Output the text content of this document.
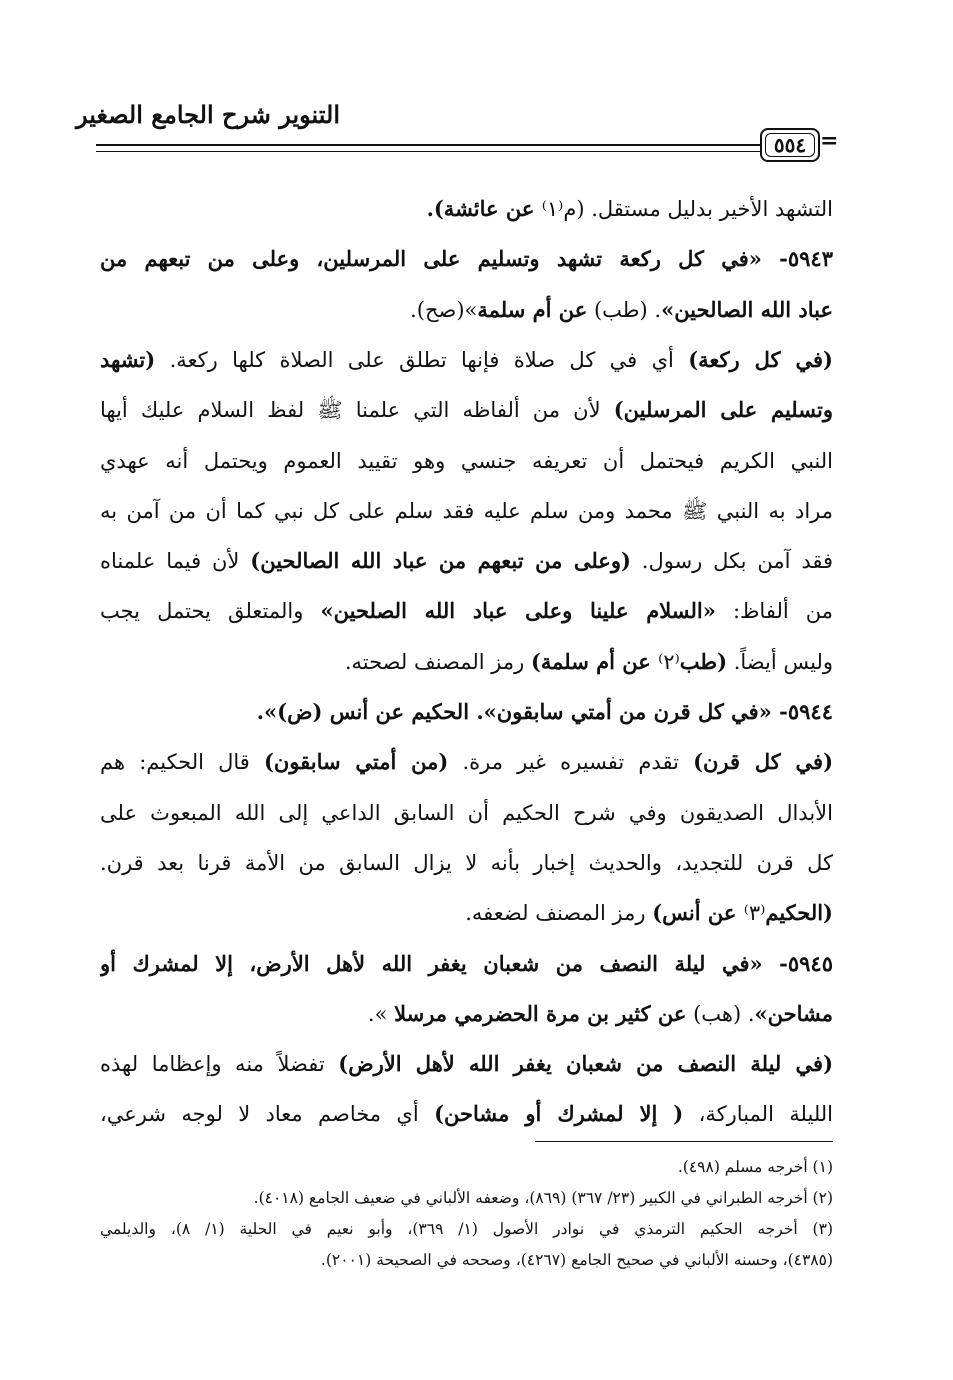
التنوير شرح الجامع الصغير
٥٥٤ =
التشهد الأخير بدليل مستقل. (م⁽١⁾ عن عائشة).
٥٩٤٣- «في كل ركعة تشهد وتسليم على المرسلين، وعلى من تبعهم من
عباد الله الصالحين». (طب) عن أم سلمة»(صح).
(في كل ركعة) أي في كل صلاة فإنها تطلق على الصلاة كلها ركعة. (تشهد
وتسليم على المرسلين) لأن من ألفاظه التي علمنا ﷺ لفظ السلام عليك أيها
النبي الكريم فيحتمل أن تعريفه جنسي وهو تقييد العموم ويحتمل أنه عهدي
مراد به النبي ﷺ محمد ومن سلم عليه فقد سلم على كل نبي كما أن من آمن به
فقد آمن بكل رسول. (وعلى من تبعهم من عباد الله الصالحين) لأن فيما علمناه
من ألفاظ: «السلام علينا وعلى عباد الله الصلحين» والمتعلق يحتمل يجب
وليس أيضاً. (طب⁽٢⁾ عن أم سلمة) رمز المصنف لصحته.
٥٩٤٤- «في كل قرن من أمتي سابقون». الحكيم عن أنس (ض)».
(في كل قرن) تقدم تفسيره غير مرة. (من أمتي سابقون) قال الحكيم: هم
الأبدال الصديقون وفي شرح الحكيم أن السابق الداعي إلى الله المبعوث على
كل قرن للتجديد، والحديث إخبار بأنه لا يزال السابق من الأمة قرنا بعد قرن.
(الحكيم⁽٣⁾ عن أنس) رمز المصنف لضعفه.
٥٩٤٥- «في ليلة النصف من شعبان يغفر الله لأهل الأرض، إلا لمشرك أو
مشاحن». (هب) عن كثير بن مرة الحضرمي مرسلا ».
(في ليلة النصف من شعبان يغفر الله لأهل الأرض) تفضلاً منه وإعظاما لهذه
الليلة المباركة، ( إلا لمشرك أو مشاحن) أي مخاصم معاد لا لوجه شرعي،
(١) أخرجه مسلم (٤٩٨).
(٢) أخرجه الطبراني في الكبير (٢٣/ ٣٦٧) (٨٦٩)، وضعفه الألباني في ضعيف الجامع (٤٠١٨).
(٣) أخرجه الحكيم الترمذي في نوادر الأصول (١/ ٣٦٩)، وأبو نعيم في الحلية (١/ ٨)، والديلمي
(٤٣٨٥)، وحسنه الألباني في صحيح الجامع (٤٢٦٧)، وصححه في الصحيحة (٢٠٠١).
